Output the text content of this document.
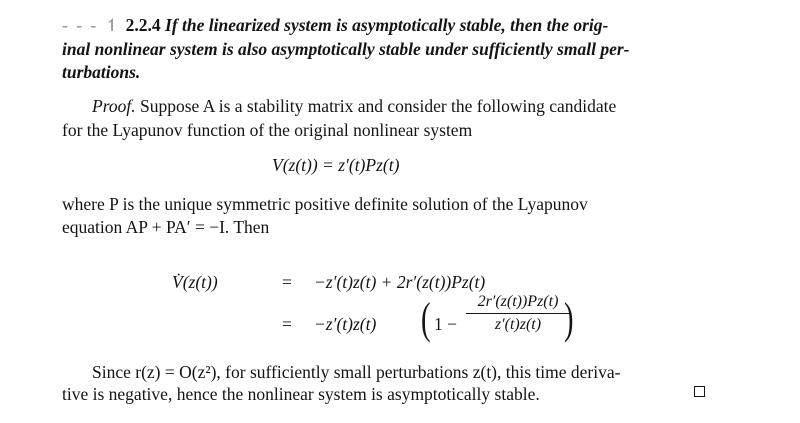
- - - ↿ 2.2.4 If the linearized system is asymptotically stable, then the orig-
inal nonlinear system is also asymptotically stable under sufficiently small per-
turbations.
Proof. Suppose A is a stability matrix and consider the following candidate
for the Lyapunov function of the original nonlinear system
V(z(t)) = z′(t)Pz(t)
where P is the unique symmetric positive definite solution of the Lyapunov
equation AP + PA′ = −I. Then
V̇(z(t))	= −z′(t)z(t) + 2r′(z(t))Pz(t)
= −z′(t)z(t) ( 1 −
2r′(z(t))Pz(t)
z′(t)z(t) )
Since r(z) = O(z²), for sufficiently small perturbations z(t), this time deriva-
tive is negative, hence the nonlinear system is asymptotically stable.
